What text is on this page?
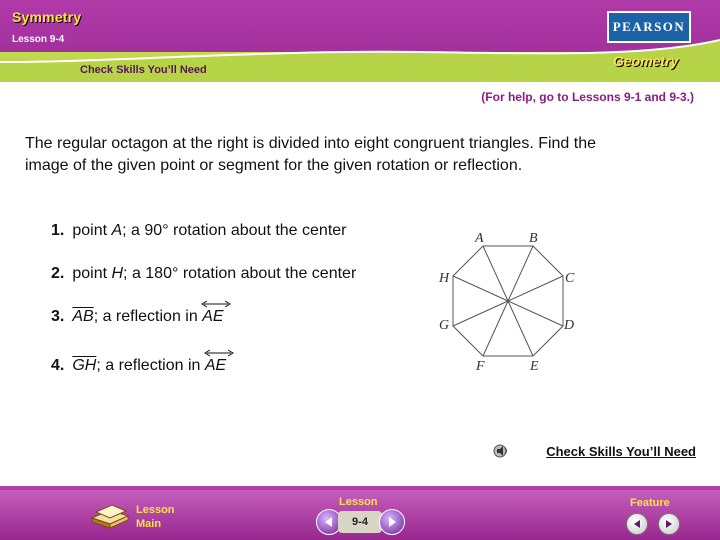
Symmetry
Lesson 9-4
Check Skills You’ll Need
PEARSON
Geometry
(For help, go to Lessons 9-1 and 9-3.)
The regular octagon at the right is divided into eight congruent triangles. Find the image of the given point or segment for the given rotation or reflection.
1. point A; a 90° rotation about the center
2. point H; a 180° rotation about the center
3. $\overline{AB}$; a reflection in
AE
4. $\overline{GH}$; a reflection in
AE
A	B
C
D
E
F
G
H
Check Skills You’ll Need
Lesson
Main
Lesson
9-4
Feature
